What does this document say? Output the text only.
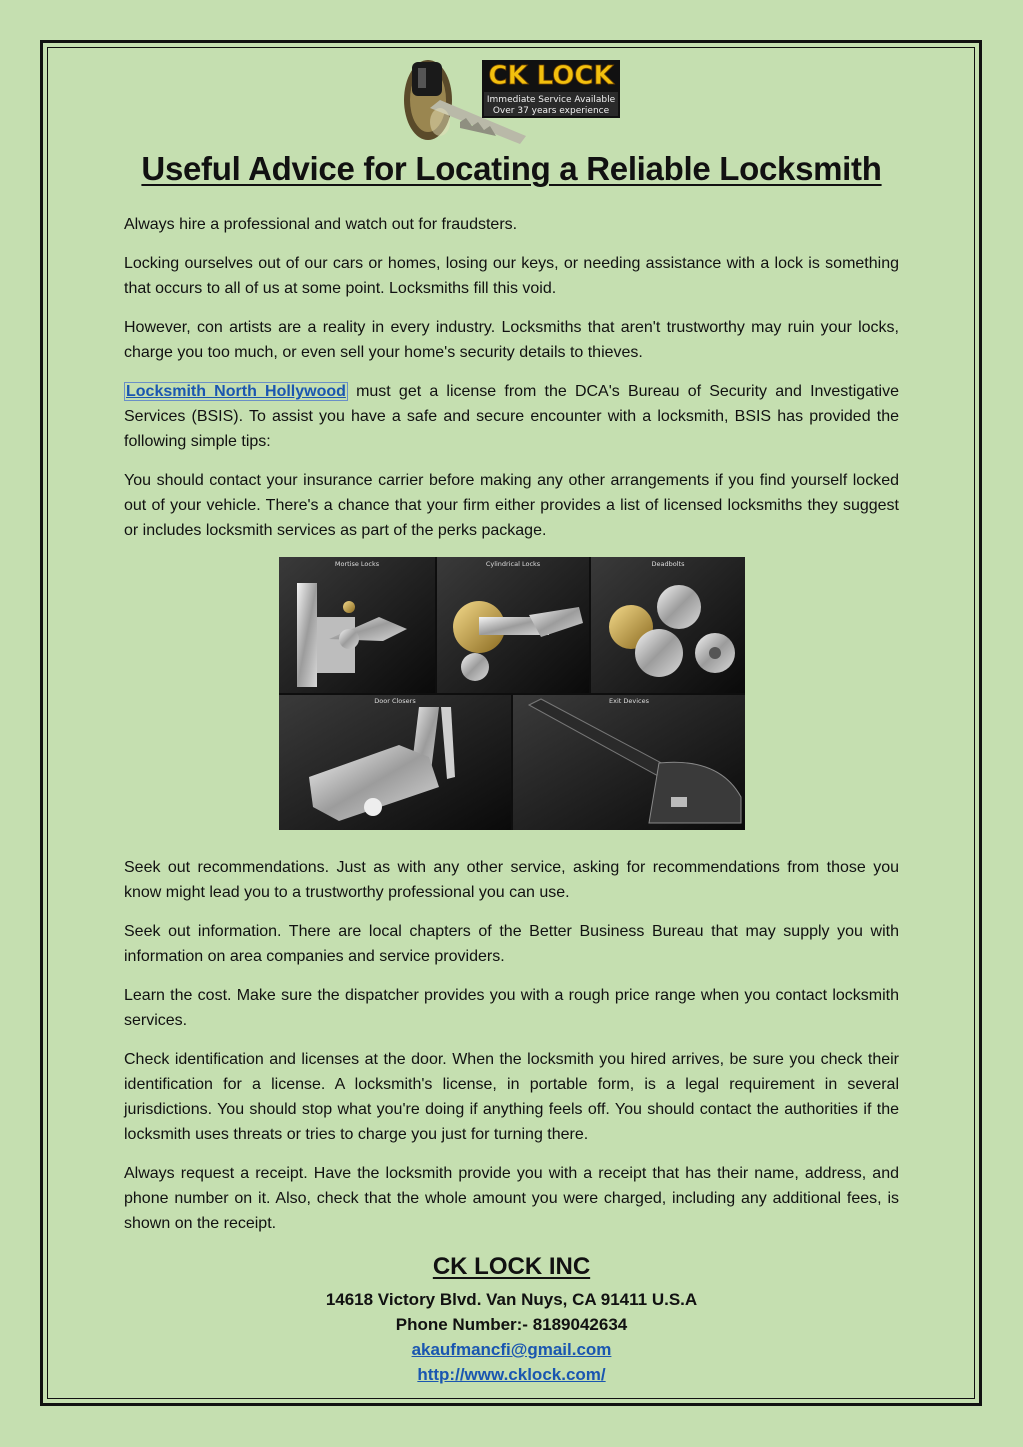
CK LOCK
Immediate Service Available
Over 37 years experience
Useful Advice for Locating a Reliable Locksmith

Always hire a professional and watch out for fraudsters.

Locking ourselves out of our cars or homes, losing our keys, or needing assistance with a lock is something that occurs to all of us at some point. Locksmiths fill this void.

However, con artists are a reality in every industry. Locksmiths that aren't trustworthy may ruin your locks, charge you too much, or even sell your home's security details to thieves.

Locksmith North Hollywood must get a license from the DCA's Bureau of Security and Investigative Services (BSIS). To assist you have a safe and secure encounter with a locksmith, BSIS has provided the following simple tips:

You should contact your insurance carrier before making any other arrangements if you find yourself locked out of your vehicle. There's a chance that your firm either provides a list of licensed locksmiths they suggest or includes locksmith services as part of the perks package.

Mortise Locks	Cylindrical Locks	Deadbolts
Door Closers	Exit Devices

Seek out recommendations. Just as with any other service, asking for recommendations from those you know might lead you to a trustworthy professional you can use.

Seek out information. There are local chapters of the Better Business Bureau that may supply you with information on area companies and service providers.

Learn the cost. Make sure the dispatcher provides you with a rough price range when you contact locksmith services.

Check identification and licenses at the door. When the locksmith you hired arrives, be sure you check their identification for a license. A locksmith's license, in portable form, is a legal requirement in several jurisdictions. You should stop what you're doing if anything feels off. You should contact the authorities if the locksmith uses threats or tries to charge you just for turning there.

Always request a receipt. Have the locksmith provide you with a receipt that has their name, address, and phone number on it. Also, check that the whole amount you were charged, including any additional fees, is shown on the receipt.

CK LOCK INC

14618 Victory Blvd. Van Nuys, CA 91411 U.S.A

Phone Number:- 8189042634

akaufmancfi@gmail.com

http://www.cklock.com/
